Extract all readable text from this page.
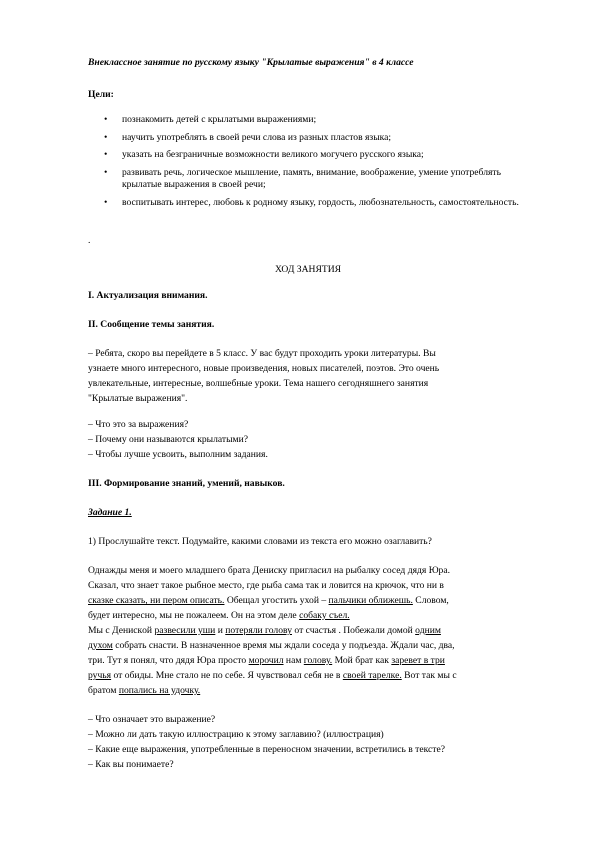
Внеклассное занятие по русскому языку "Крылатые выражения" в 4 классе
Цели:
• познакомить детей с крылатыми выражениями;
• научить употреблять в своей речи слова из разных пластов языка;
• указать на безграничные возможности великого могучего русского языка;
• развивать речь, логическое мышление, память, внимание, воображение, умение употреблять крылатые выражения в своей речи;
• воспитывать интерес, любовь к родному языку, гордость, любознательность, самостоятельность.
.
ХОД ЗАНЯТИЯ
I. Актуализация внимания.
II. Сообщение темы занятия.
– Ребята, скоро вы перейдете в 5 класс. У вас будут проходить уроки литературы. Вы
узнаете много интересного, новые произведения, новых писателей, поэтов. Это очень
увлекательные, интересные, волшебные уроки. Тема нашего сегодняшнего занятия
"Крылатые выражения".
– Что это за выражения?
– Почему они называются крылатыми?
– Чтобы лучше усвоить, выполним задания.
III. Формирование знаний, умений, навыков.
Задание 1.
1) Прослушайте текст. Подумайте, какими словами из текста его можно озаглавить?
Однажды меня и моего младшего брата Дениску пригласил на рыбалку сосед дядя Юра.
Сказал, что знает такое рыбное место, где рыба сама так и ловится на крючок, что ни в
сказке сказать, ни пером описать. Обещал угостить ухой – пальчики оближешь. Словом,
будет интересно, мы не пожалеем. Он на этом деле собаку съел.
Мы с Денискoй развесили уши и потеряли голову от счастья . Побежали домой одним
духом собрать снасти. В назначенное время мы ждали соседа у подъезда. Ждали час, два,
три. Тут я понял, что дядя Юра просто морочил нам голову. Мой брат как заревет в три
ручья от обиды. Мне стало не по себе. Я чувствовал себя не в своей тарелке. Вот так мы с
братом попались на удочку.
– Что означает это выражение?
– Можно ли дать такую иллюстрацию к этому заглавию? (иллюстрация)
– Какие еще выражения, употребленные в переносном значении, встретились в тексте?
– Как вы понимаете?
